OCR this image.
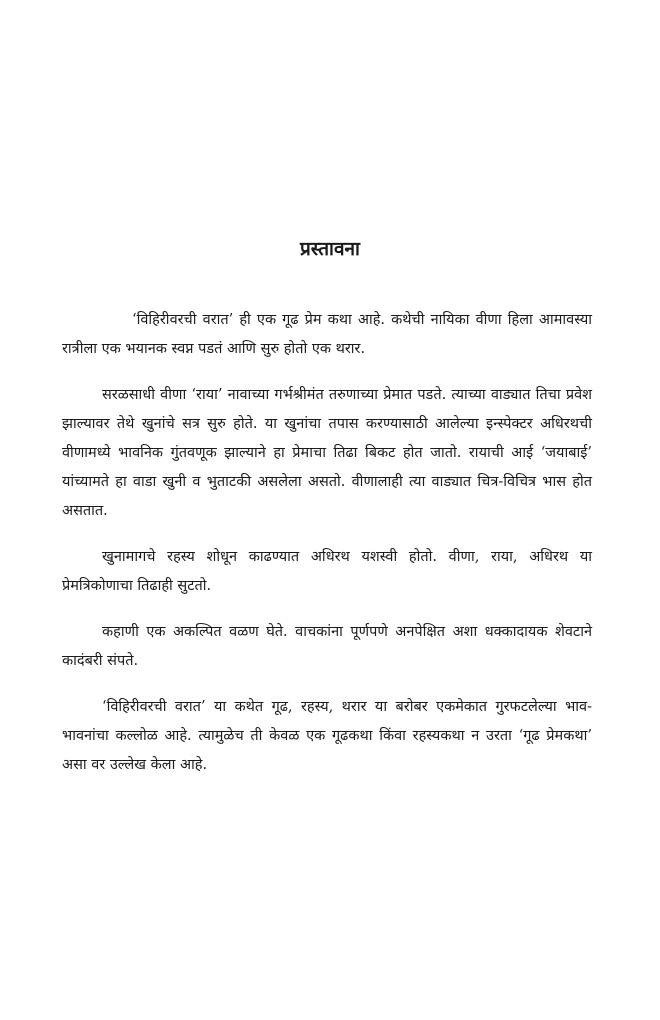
प्रस्तावना

‘विहिरीवरची वरात’ ही एक गूढ प्रेम कथा आहे. कथेची नायिका वीणा हिला आमावस्या रात्रीला एक भयानक स्वप्न पडतं आणि सुरु होतो एक थरार.

सरळसाधी वीणा ‘राया’ नावाच्या गर्भश्रीमंत तरुणाच्या प्रेमात पडते. त्याच्या वाड्यात तिचा प्रवेश झाल्यावर तेथे खुनांचे सत्र सुरु होते. या खुनांचा तपास करण्यासाठी आलेल्या इन्स्पेक्टर अधिरथची वीणामध्ये भावनिक गुंतवणूक झाल्याने हा प्रेमाचा तिढा बिकट होत जातो. रायाची आई ‘जयाबाई’ यांच्यामते हा वाडा खुनी व भुताटकी असलेला असतो. वीणालाही त्या वाड्यात चित्र-विचित्र भास होत असतात.

खुनामागचे रहस्य शोधून काढण्यात अधिरथ यशस्वी होतो. वीणा, राया, अधिरथ या प्रेमत्रिकोणाचा तिढाही सुटतो.

कहाणी एक अकल्पित वळण घेते. वाचकांना पूर्णपणे अनपेक्षित अशा धक्कादायक शेवटाने कादंबरी संपते.

‘विहिरीवरची वरात’ या कथेत गूढ, रहस्य, थरार या बरोबर एकमेकात गुरफटलेल्या भाव-भावनांचा कल्लोळ आहे. त्यामुळेच ती केवळ एक गूढकथा किंवा रहस्यकथा न उरता ‘गूढ प्रेमकथा’ असा वर उल्लेख केला आहे.
